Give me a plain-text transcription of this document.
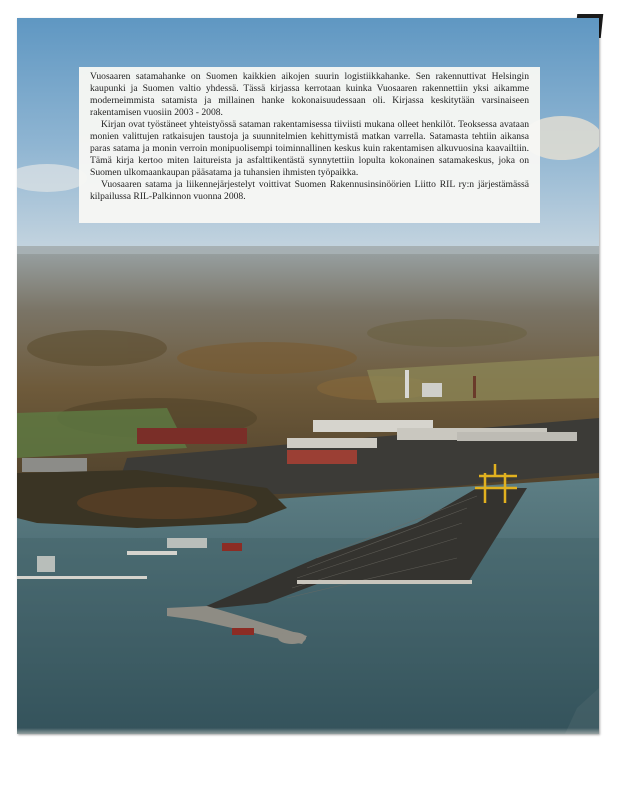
Vuosaaren satamahanke on Suomen kaikkien aikojen suurin logistiikkahanke. Sen rakennuttivat Helsingin kaupunki ja Suomen valtio yhdessä. Tässä kirjassa kerrotaan kuinka Vuosaaren rakennettiin yksi aikamme moderneimmista satamista ja millainen hanke kokonaisuudessaan oli. Kirjassa keskitytään varsinaiseen rakentamisen vuosiin 2003 - 2008.

Kirjan ovat työstäneet yhteistyössä sataman rakentamisessa tiiviisti mukana olleet henkilöt. Teoksessa avataan monien valittujen ratkaisujen taustoja ja suunnitelmien kehittymistä matkan varrella. Satamasta tehtiin aikansa paras satama ja monin verroin monipuolisempi toiminnallinen keskus kuin rakentamisen alkuvuosina kaavailtiin. Tämä kirja kertoo miten laitureista ja asfalttikentästä synnytettiin lopulta kokonainen satamakeskus, joka on Suomen ulkomaankaupan pääsatama ja tuhansien ihmisten työpaikka.

Vuosaaren satama ja liikennejärjestelyt voittivat Suomen Rakennusinsinöörien Liitto RIL ry:n järjestämässä kilpailussa RIL-Palkinnon vuonna 2008.
